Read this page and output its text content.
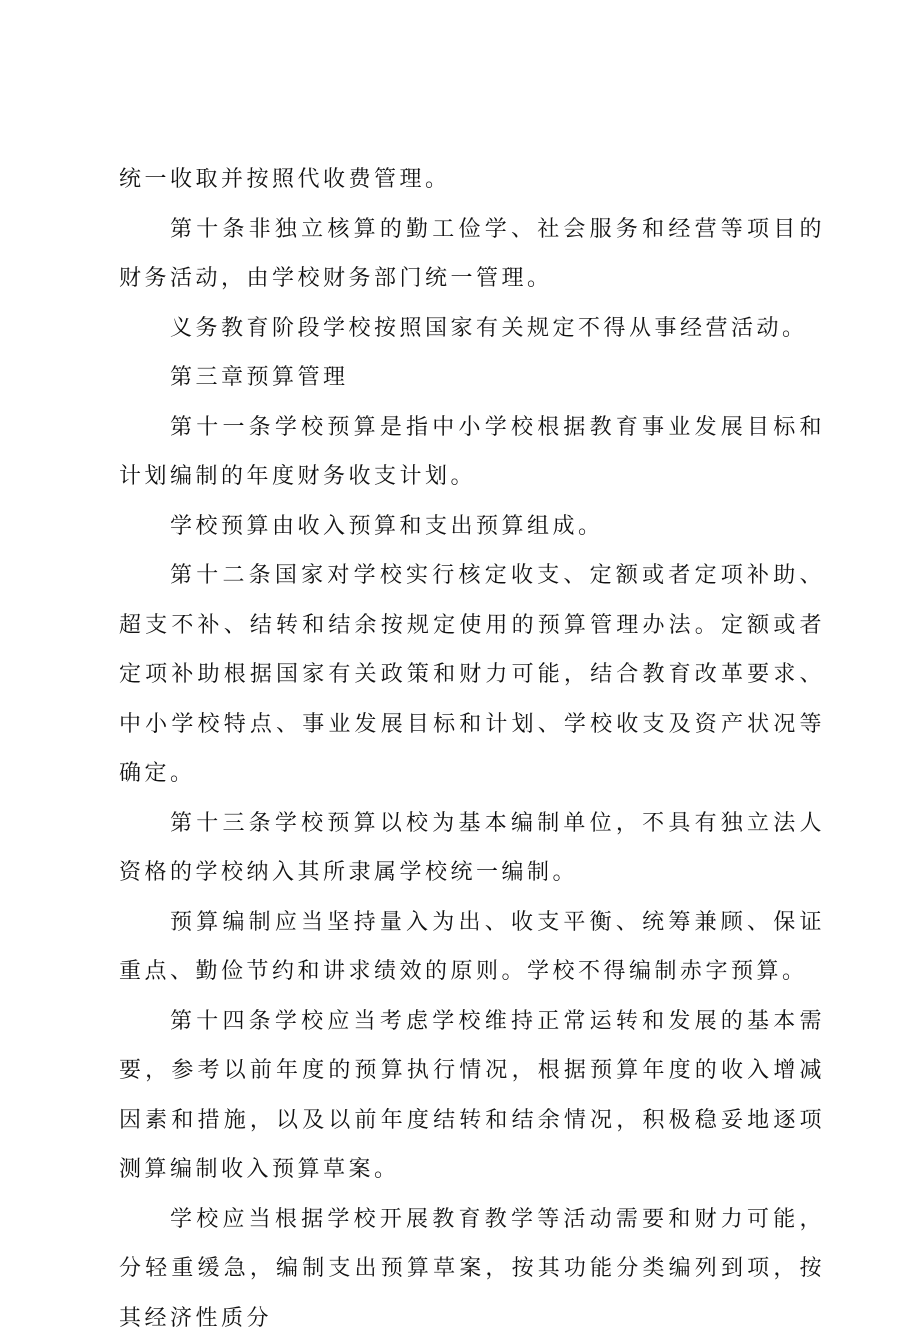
统一收取并按照代收费管理。

第十条非独立核算的勤工俭学、社会服务和经营等项目的财务活动，由学校财务部门统一管理。

义务教育阶段学校按照国家有关规定不得从事经营活动。

第三章预算管理

第十一条学校预算是指中小学校根据教育事业发展目标和计划编制的年度财务收支计划。

学校预算由收入预算和支出预算组成。

第十二条国家对学校实行核定收支、定额或者定项补助、超支不补、结转和结余按规定使用的预算管理办法。定额或者定项补助根据国家有关政策和财力可能，结合教育改革要求、中小学校特点、事业发展目标和计划、学校收支及资产状况等确定。

第十三条学校预算以校为基本编制单位，不具有独立法人资格的学校纳入其所隶属学校统一编制。

预算编制应当坚持量入为出、收支平衡、统筹兼顾、保证重点、勤俭节约和讲求绩效的原则。学校不得编制赤字预算。

第十四条学校应当考虑学校维持正常运转和发展的基本需要，参考以前年度的预算执行情况，根据预算年度的收入增减因素和措施，以及以前年度结转和结余情况，积极稳妥地逐项测算编制收入预算草案。

学校应当根据学校开展教育教学等活动需要和财力可能，分轻重缓急，编制支出预算草案，按其功能分类编列到项，按其经济性质分
